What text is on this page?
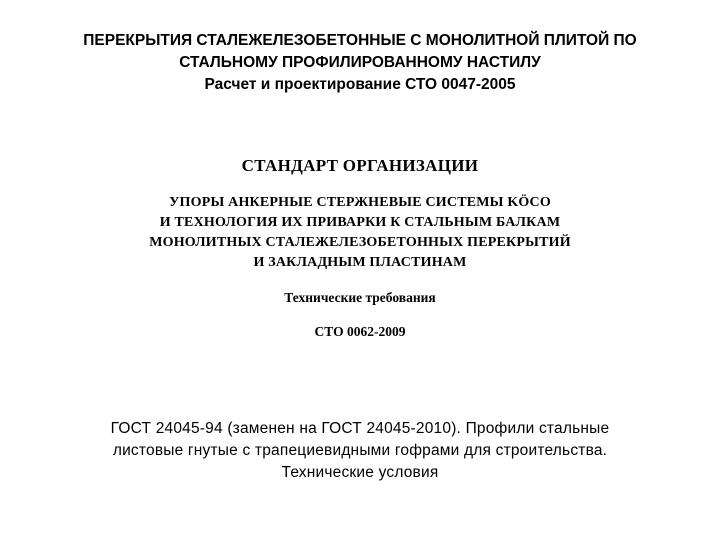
ПЕРЕКРЫТИЯ СТАЛЕЖЕЛЕЗОБЕТОННЫЕ С МОНОЛИТНОЙ ПЛИТОЙ ПО
СТАЛЬНОМУ ПРОФИЛИРОВАННОМУ НАСТИЛУ
Расчет и проектирование СТО 0047-2005
СТАНДАРТ ОРГАНИЗАЦИИ
УПОРЫ АНКЕРНЫЕ СТЕРЖНЕВЫЕ СИСТЕМЫ KÖCO
И ТЕХНОЛОГИЯ ИХ ПРИВАРКИ К СТАЛЬНЫМ БАЛКАМ
МОНОЛИТНЫХ СТАЛЕЖЕЛЕЗОБЕТОННЫХ ПЕРЕКРЫТИЙ
И ЗАКЛАДНЫМ ПЛАСТИНАМ
Технические требования
СТО 0062-2009
ГОСТ 24045-94 (заменен на ГОСТ 24045-2010). Профили стальные
листовые гнутые с трапециевидными гофрами для строительства.
Технические условия
